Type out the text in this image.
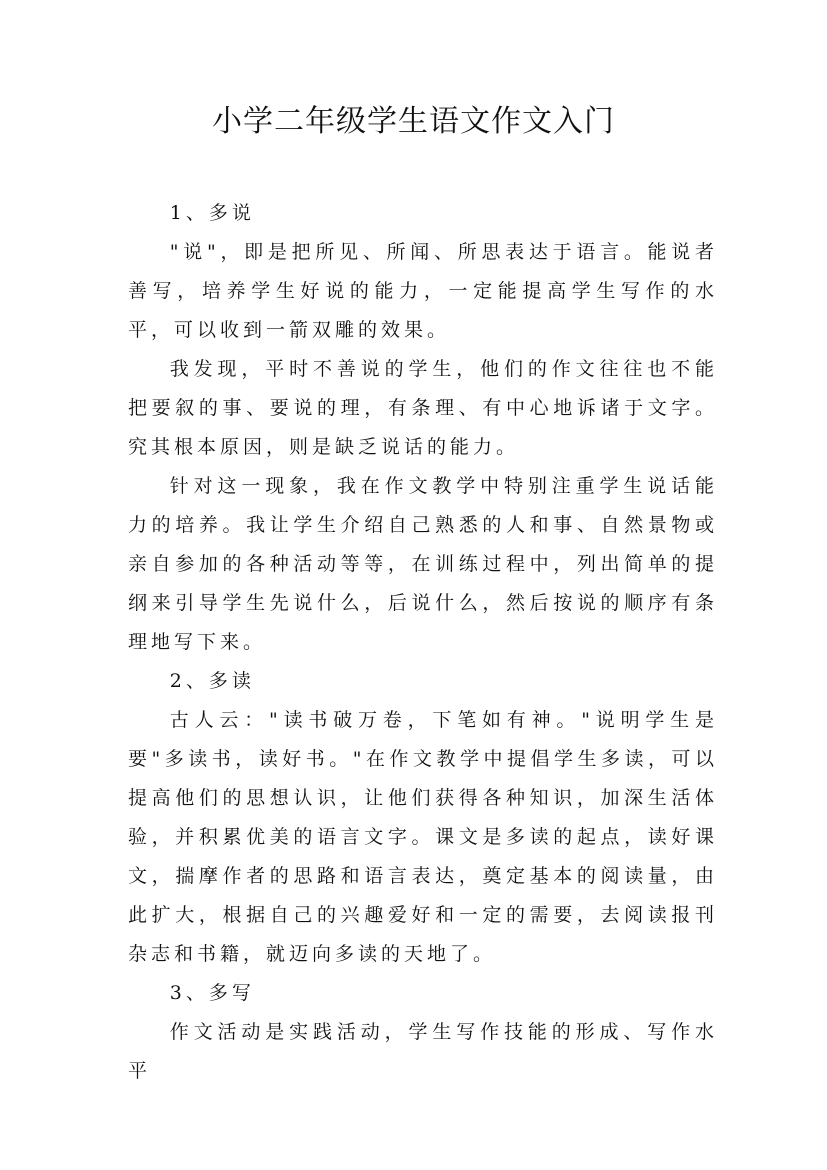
小学二年级学生语文作文入门

1、多说

"说"，即是把所见、所闻、所思表达于语言。能说者善写，培养学生好说的能力，一定能提高学生写作的水平，可以收到一箭双雕的效果。

我发现，平时不善说的学生，他们的作文往往也不能把要叙的事、要说的理，有条理、有中心地诉诸于文字。究其根本原因，则是缺乏说话的能力。

针对这一现象，我在作文教学中特别注重学生说话能力的培养。我让学生介绍自己熟悉的人和事、自然景物或亲自参加的各种活动等等，在训练过程中，列出简单的提纲来引导学生先说什么，后说什么，然后按说的顺序有条理地写下来。

2、多读

古人云："读书破万卷，下笔如有神。"说明学生是要"多读书，读好书。"在作文教学中提倡学生多读，可以提高他们的思想认识，让他们获得各种知识，加深生活体验，并积累优美的语言文字。课文是多读的起点，读好课文，揣摩作者的思路和语言表达，奠定基本的阅读量，由此扩大，根据自己的兴趣爱好和一定的需要，去阅读报刊杂志和书籍，就迈向多读的天地了。

3、多写

作文活动是实践活动，学生写作技能的形成、写作水平
